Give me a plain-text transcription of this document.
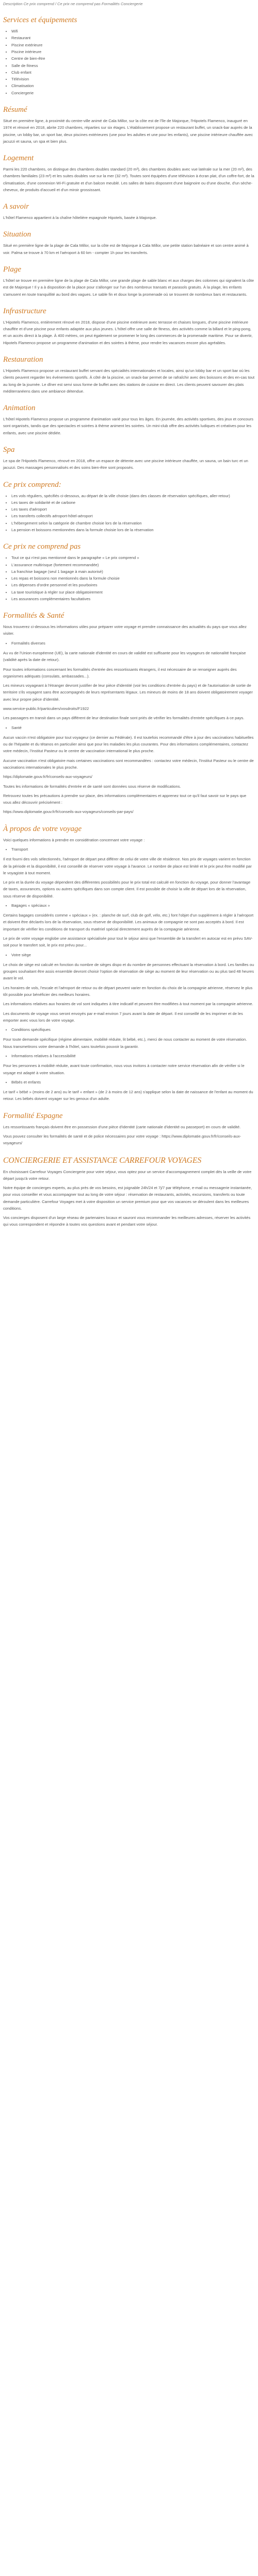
Description Ce prix comprend / Ce prix ne comprend pas Formalités Conciergerie
Services et équipements
• Wifi
• Restaurant
• Piscine extérieure
• Piscine intérieure
• Centre de bien-être
• Salle de fitness
• Club enfant
• Télévision
• Climatisation
• Conciergerie
Résumé

Situé en première ligne, à proximité du centre-ville animé de Cala Millor, sur la côte est de l'île de Majorque, l'Hipotels Flamenco, inauguré en 1974 et rénové en 2018, abrite 220 chambres, réparties sur six étages. L'établissement propose un restaurant buffet, un snack-bar auprès de la piscine, un lobby bar, un sport bar, deux piscines extérieures (une pour les adultes et une pour les enfants), une piscine intérieure chauffée avec jacuzzi et sauna, un spa et bien plus.

Logement

Parmi les 220 chambres, on distingue des chambres doubles standard (20 m²), des chambres doubles avec vue latérale sur la mer (20 m²), des chambres familiales (23 m²) et les suites doubles vue sur la mer (32 m²). Toutes sont équipées d'une télévision à écran plat, d'un coffre-fort, de la climatisation, d'une connexion Wi-Fi gratuite et d'un balcon meublé. Les salles de bains disposent d'une baignoire ou d'une douche, d'un sèche-cheveux, de produits d'accueil et d'un miroir grossissant.

A savoir

L'hôtel Flamenco appartient à la chaîne hôtelière espagnole Hipotels, basée à Majorque.

Situation

Situé en première ligne de la plage de Cala Millor, sur la côte est de Majorque à Cala Millor, une petite station balnéaire et son centre animé à voir. Palma se trouve à 70 km et l'aéroport à 60 km - compter 1h pour les transferts.

Plage

L'hôtel se trouve en première ligne de la plage de Cala Millor, une grande plage de sable blanc et aux charges des colonnes qui signalent la côte est de Majorque ! Il y a à disposition de la place pour s'allonger sur l'un des nombreux transats et parasols gratuits. À la plage, les enfants s'amusent en toute tranquillité au bord des vagues. Le sable fin et doux longe la promenade où se trouvent de nombreux bars et restaurants.

Infrastructure

L'Hipotels Flamenco, entièrement rénové en 2018, dispose d'une piscine extérieure avec terrasse et chaises longues, d'une piscine intérieure chauffée et d'une piscine pour enfants adaptée aux plus jeunes. L'hôtel offre une salle de fitness, des activités comme la billard et le ping-pong, et un accès direct à la plage. À 400 mètres, on peut également se promener le long des commerces de la promenade maritime. Pour se divertir, Hipotels Flamenco propose un programme d'animation et des soirées à thème, pour rendre les vacances encore plus agréables.

Restauration

L'Hipotels Flamenco propose un restaurant buffet servant des spécialités internationales et locales, ainsi qu'un lobby bar et un sport bar où les clients peuvent regarder les événements sportifs. À côté de la piscine, un snack-bar permet de se rafraîchir avec des boissons et des en-cas tout au long de la journée. Le dîner est servi sous forme de buffet avec des stations de cuisine en direct. Les clients peuvent savourer des plats méditerranéens dans une ambiance détendue.

Animation

L'hôtel Hipotels Flamenco propose un programme d'animation varié pour tous les âges. En journée, des activités sportives, des jeux et concours sont organisés, tandis que des spectacles et soirées à thème animent les soirées. Un mini-club offre des activités ludiques et créatives pour les enfants, avec une piscine dédiée.

Spa

Le spa de l'Hipotels Flamenco, rénové en 2018, offre un espace de détente avec une piscine intérieure chauffée, un sauna, un bain turc et un jacuzzi. Des massages personnalisés et des soins bien-être sont proposés.

Ce prix comprend:
• Les vols réguliers, spécifiés ci-dessous, au départ de la ville choisie (dans des classes de réservation spécifiques, aller-retour)
• Les taxes de solidarité et de carbone
• Les taxes d'aéroport
• Les transferts collectifs aéroport-hôtel-aéroport
• L'hébergement selon la catégorie de chambre choisie lors de la réservation
• La pension et boissons mentionnées dans la formule choisie lors de la réservation
Ce prix ne comprend pas
• Tout ce qui n'est pas mentionné dans le paragraphe « Le prix comprend »
• L'assurance multirisque (fortement recommandée)
• La franchise bagage (seul 1 bagage à main autorisé)
• Les repas et boissons non mentionnés dans la formule choisie
• Les dépenses d'ordre personnel et les pourboires
• La taxe touristique à régler sur place obligatoirement
• Les assurances complémentaires facultatives
Formalités & Santé

Nous trouverez ci-dessous les informations utiles pour préparer votre voyage et prendre connaissance des actualités du pays que vous allez visiter.

• Formalités diverses

Au vu de l'Union européenne (UE), la carte nationale d'identité en cours de validité est suffisante pour les voyageurs de nationalité française (validité après la date de retour).

Pour toutes informations concernant les formalités d'entrée des ressortissants étrangers, il est nécessaire de se renseigner auprès des organismes adéquats (consulats, ambassades...).

Les mineurs voyageant à l'étranger devront justifier de leur pièce d'identité (voir les conditions d'entrée du pays) et de l'autorisation de sortie de territoire s'ils voyagent sans être accompagnés de leurs représentants légaux. Les mineurs de moins de 18 ans doivent obligatoirement voyager avec leur propre pièce d'identité.

www.service-public.fr/particuliers/vosdroits/F1922

Les passagers en transit dans un pays différent de leur destination finale sont priés de vérifier les formalités d'entrée spécifiques à ce pays.

• Santé

Aucun vaccin n'est obligatoire pour tout voyageur (ce dernier au Fédérale). Il est toutefois recommandé d'être à jour des vaccinations habituelles ou de l'hépatite et du tétanos en particulier ainsi que pour les maladies les plus courantes. Pour des informations complémentaires, contactez votre médecin, l'Institut Pasteur ou le centre de vaccination international le plus proche.

Aucune vaccination n'est obligatoire mais certaines vaccinations sont recommandées : contactez votre médecin, l'Institut Pasteur ou le centre de vaccinations internationales le plus proche.

https://diplomatie.gouv.fr/fr/conseils-aux-voyageurs/

Toutes les informations de formalités d'entrée et de santé sont données sous réserve de modifications.

Retrouvez toutes les précautions à prendre sur place, des informations complémentaires et apprenez tout ce qu'il faut savoir sur le pays que vous allez découvrir précisément :

https://www.diplomatie.gouv.fr/fr/conseils-aux-voyageurs/conseils-par-pays/

À propos de votre voyage

Voici quelques informations à prendre en considération concernant votre voyage :

• Transport

Il est fourni des vols sélectionnés, l'aéroport de départ peut différer de celui de votre ville de résidence. Nos prix de voyages varient en fonction de la période et la disponibilité, il est conseillé de réserver votre voyage à l'avance. Le nombre de place est limité et le prix peut être modifié par le voyagiste à tout moment.

Le prix et la durée du voyage dépendent des différentes possibilités pour le prix total est calculé en fonction du voyage, pour donner l'avantage de taxes, assurances, options ou autres spécifiques dans son compte client. Il est possible de choisir la ville de départ lors de la réservation, sous réserve de disponibilité.

• Bagages « spéciaux »

Certains bagages considérés comme « spéciaux » (ex. : planche de surf, club de golf, vélo, etc.) font l'objet d'un supplément à régler à l'aéroport et doivent être déclarés lors de la réservation, sous réserve de disponibilité. Les animaux de compagnie ne sont pas acceptés à bord. Il est important de vérifier les conditions de transport du matériel spécial directement auprès de la compagnie aérienne.

Le prix de votre voyage englobe une assistance spécialisée pour tout le séjour ainsi que l'ensemble de la transfert en autocar est en prévu SAV-soit pour le transfert soit, le prix est prévu pour...

• Votre siège

Le choix de siège est calculé en fonction du nombre de sièges dispo et du nombre de personnes effectuant la réservation à bord. Les familles ou groupes souhaitant être assis ensemble devront choisir l'option de réservation de siège au moment de leur réservation ou au plus tard 48 heures avant le vol.

Les horaires de vols, l'escale et l'aéroport de retour ou de départ peuvent varier en fonction du choix de la compagnie aérienne, réservez le plus tôt possible pour bénéficier des meilleurs horaires.

Les informations relatives aux horaires de vol sont indiquées à titre indicatif et peuvent être modifiées à tout moment par la compagnie aérienne.

Les documents de voyage vous seront envoyés par e-mail environ 7 jours avant la date de départ. Il est conseillé de les imprimer et de les emporter avec vous lors de votre voyage.

• Conditions spécifiques

Pour toute demande spécifique (régime alimentaire, mobilité réduite, lit bébé, etc.), merci de nous contacter au moment de votre réservation. Nous transmettrons votre demande à l'hôtel, sans toutefois pouvoir la garantir.

• Informations relatives à l'accessibilité

Pour les personnes à mobilité réduite, avant toute confirmation, nous vous invitons à contacter notre service réservation afin de vérifier si le voyage est adapté à votre situation.

• Bébés et enfants

Le tarif « bébé » (moins de 2 ans) ou le tarif « enfant » (de 2 à moins de 12 ans) s'applique selon la date de naissance de l'enfant au moment du retour. Les bébés doivent voyager sur les genoux d'un adulte.

Formalité Espagne

Les ressortissants français doivent être en possession d'une pièce d'identité (carte nationale d'identité ou passeport) en cours de validité.

Vous pouvez consulter les formalités de santé et de police nécessaires pour votre voyage : https://www.diplomatie.gouv.fr/fr/conseils-aux-voyageurs/

CONCIERGERIE ET ASSISTANCE CARREFOUR VOYAGES

En choisissant Carrefour Voyages Conciergerie pour votre séjour, vous optez pour un service d'accompagnement complet dès la veille de votre départ jusqu'à votre retour.

Notre équipe de concierges experts, au plus près de vos besoins, est joignable 24h/24 et 7j/7 par téléphone, e-mail ou messagerie instantanée, pour vous conseiller et vous accompagner tout au long de votre séjour : réservation de restaurants, activités, excursions, transferts ou toute demande particulière. Carrefour Voyages met à votre disposition un service premium pour que vos vacances se déroulent dans les meilleures conditions.

Vos concierges disposent d'un large réseau de partenaires locaux et sauront vous recommander les meilleures adresses, réserver les activités qui vous correspondent et répondre à toutes vos questions avant et pendant votre séjour.
